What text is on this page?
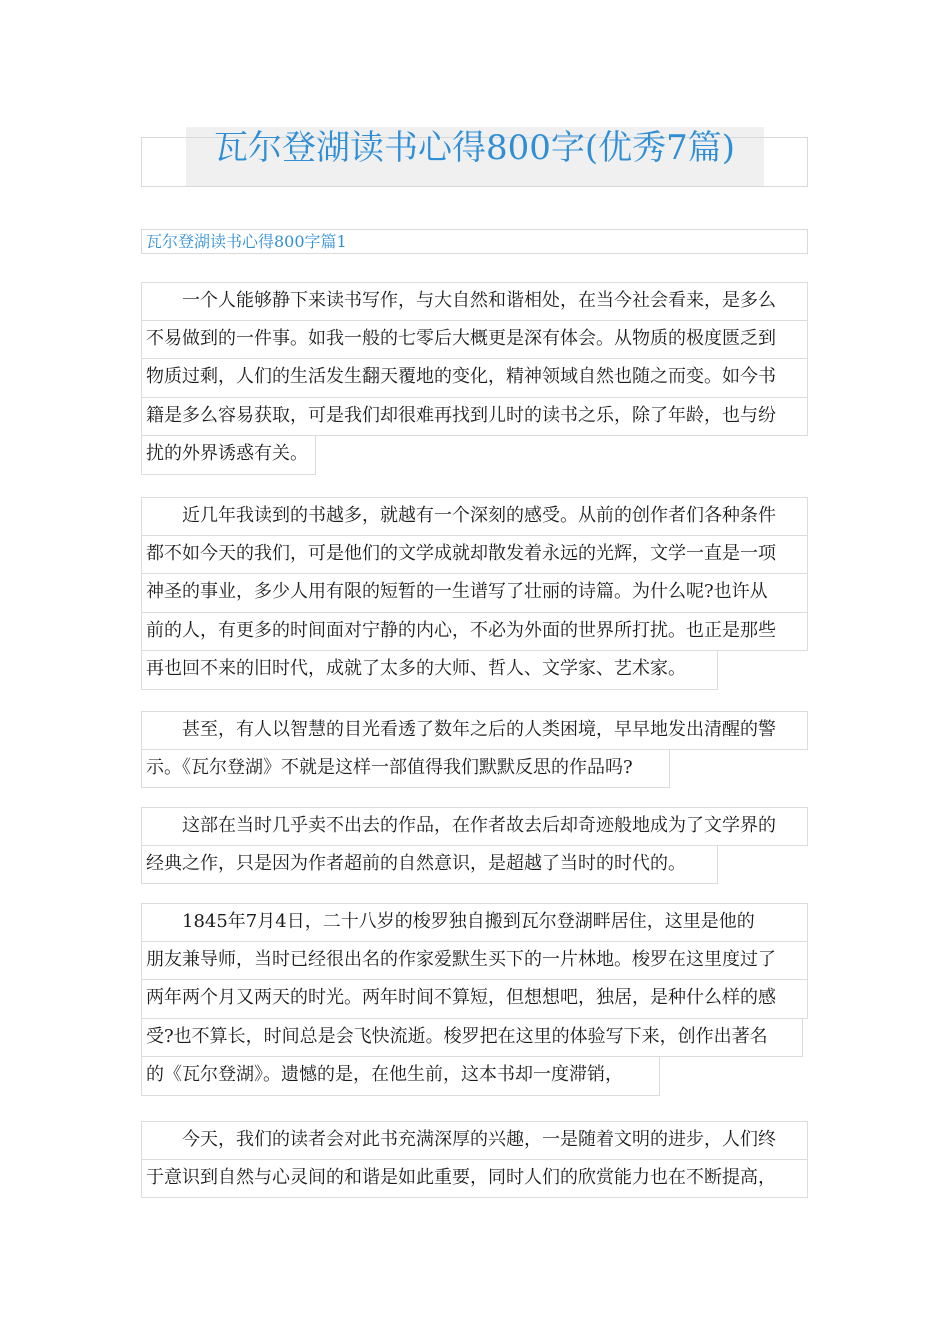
瓦尔登湖读书心得800字(优秀7篇)
瓦尔登湖读书心得800字篇1
一个人能够静下来读书写作，与大自然和谐相处，在当今社会看来，是多么
不易做到的一件事。如我一般的七零后大概更是深有体会。从物质的极度匮乏到
物质过剩，人们的生活发生翻天覆地的变化，精神领域自然也随之而变。如今书
籍是多么容易获取，可是我们却很难再找到儿时的读书之乐，除了年龄，也与纷
扰的外界诱惑有关。
近几年我读到的书越多，就越有一个深刻的感受。从前的创作者们各种条件
都不如今天的我们，可是他们的文学成就却散发着永远的光辉，文学一直是一项
神圣的事业，多少人用有限的短暂的一生谱写了壮丽的诗篇。为什么呢?也许从
前的人，有更多的时间面对宁静的内心，不必为外面的世界所打扰。也正是那些
再也回不来的旧时代，成就了太多的大师、哲人、文学家、艺术家。
甚至，有人以智慧的目光看透了数年之后的人类困境，早早地发出清醒的警
示。《瓦尔登湖》不就是这样一部值得我们默默反思的作品吗?
这部在当时几乎卖不出去的作品，在作者故去后却奇迹般地成为了文学界的
经典之作，只是因为作者超前的自然意识，是超越了当时的时代的。
1845年7月4日，二十八岁的梭罗独自搬到瓦尔登湖畔居住，这里是他的
朋友兼导师，当时已经很出名的作家爱默生买下的一片林地。梭罗在这里度过了
两年两个月又两天的时光。两年时间不算短，但想想吧，独居，是种什么样的感
受?也不算长，时间总是会飞快流逝。梭罗把在这里的体验写下来，创作出著名
的《瓦尔登湖》。遗憾的是，在他生前，这本书却一度滞销，
今天，我们的读者会对此书充满深厚的兴趣，一是随着文明的进步，人们终
于意识到自然与心灵间的和谐是如此重要，同时人们的欣赏能力也在不断提高，
